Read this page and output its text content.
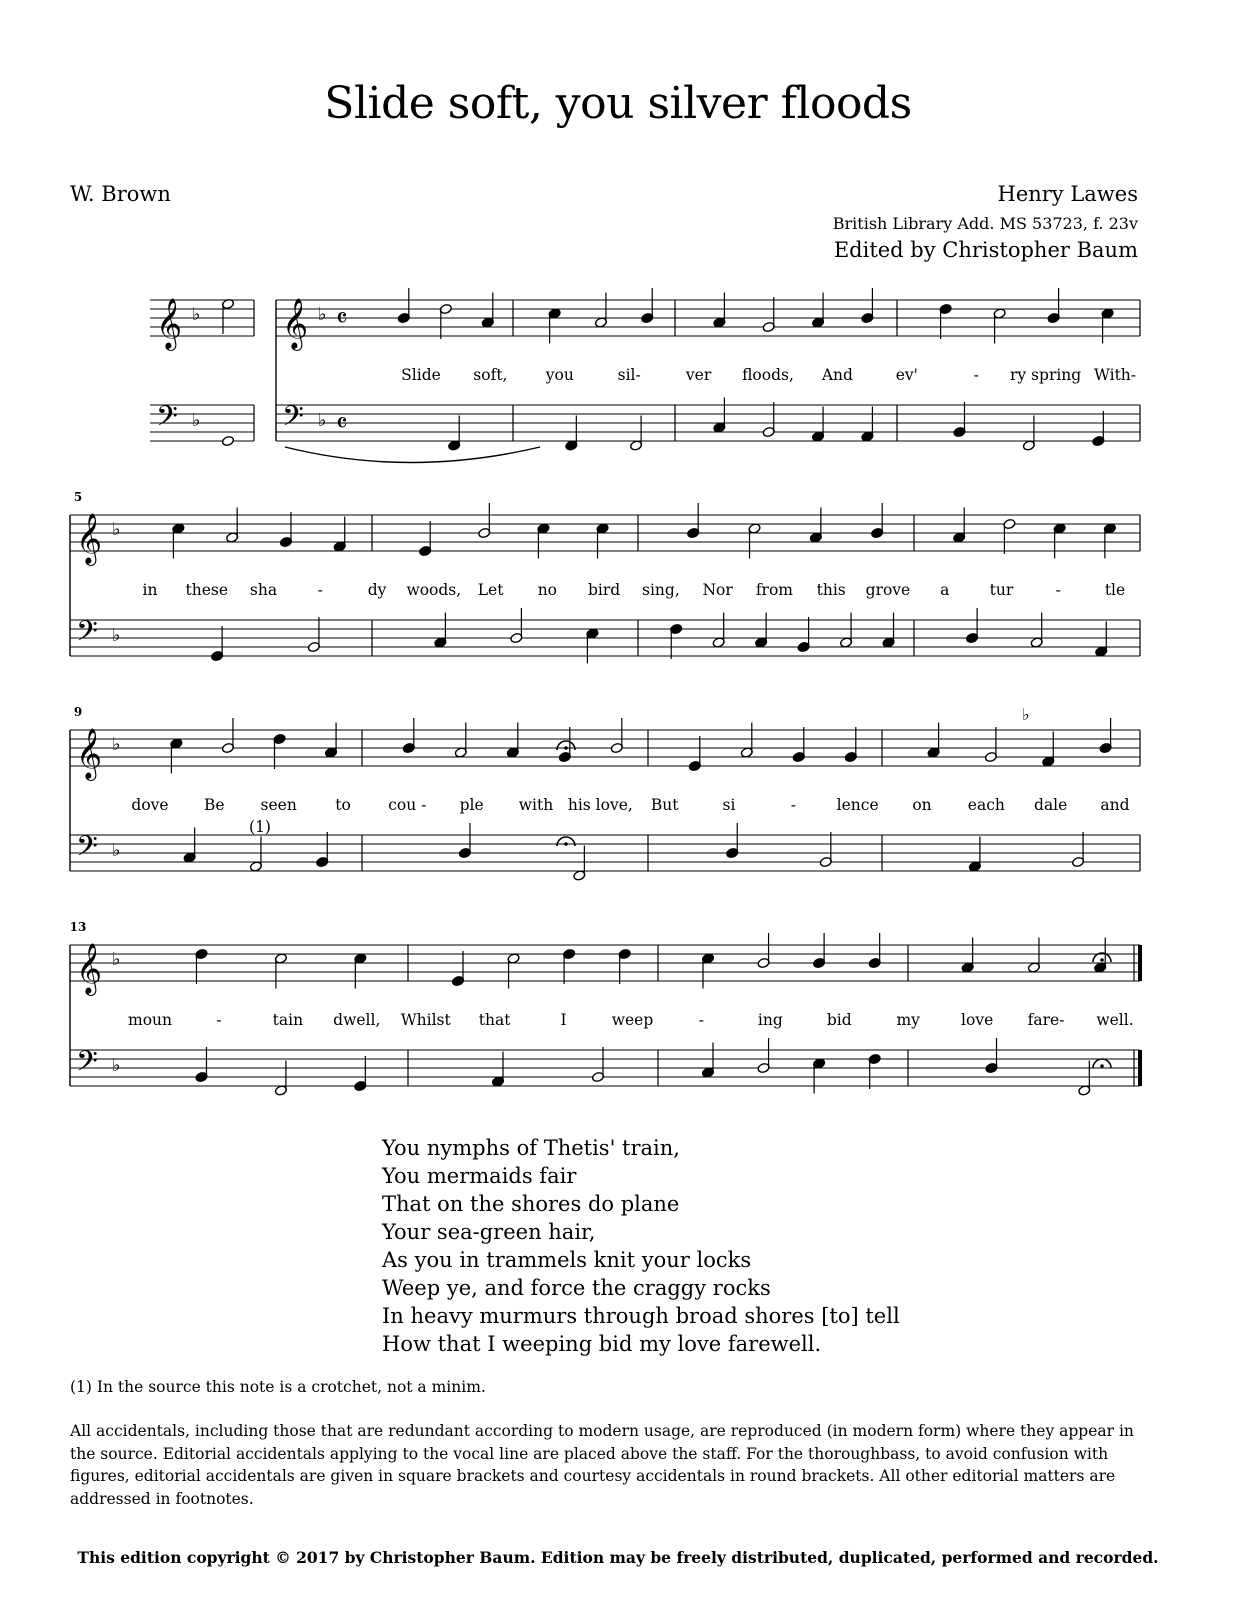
Slide soft, you silver floods
W. Brown	Henry Lawes
British Library Add. MS 53723, f. 23v
Edited by Christopher Baum
𝄞
𝄢
♭
♭
𝄞
𝄢
♭
♭
𝄴
𝄴
Slide soft, you	sil-	ver floods, And	ev'	- ry spring With-
𝄞
𝄢
♭
♭
5
in these sha	-	dy woods, Let no bird sing, Nor from this grove a	tur	-	tle
𝄞
𝄢
♭
♭
9
dove Be seen to cou - ple with his love, But	si	-	lence on each dale and
𝄞
𝄢
♭
♭
13
moun	-	tain dwell, Whilst that	I	weep	-	ing	bid	my	love fare- well.
♭
(1)
You nymphs of Thetis' train,
You mermaids fair
That on the shores do plane
Your sea-green hair,
As you in trammels knit your locks
Weep ye, and force the craggy rocks
In heavy murmurs through broad shores [to] tell
How that I weeping bid my love farewell.
(1) In the source this note is a crotchet, not a minim.
All accidentals, including those that are redundant according to modern usage, are reproduced (in modern form) where they appear in the source. Editorial accidentals applying to the vocal line are placed above the staff. For the thoroughbass, to avoid confusion with figures, editorial accidentals are given in square brackets and courtesy accidentals in round brackets. All other editorial matters are addressed in footnotes.
This edition copyright © 2017 by Christopher Baum. Edition may be freely distributed, duplicated, performed and recorded.
